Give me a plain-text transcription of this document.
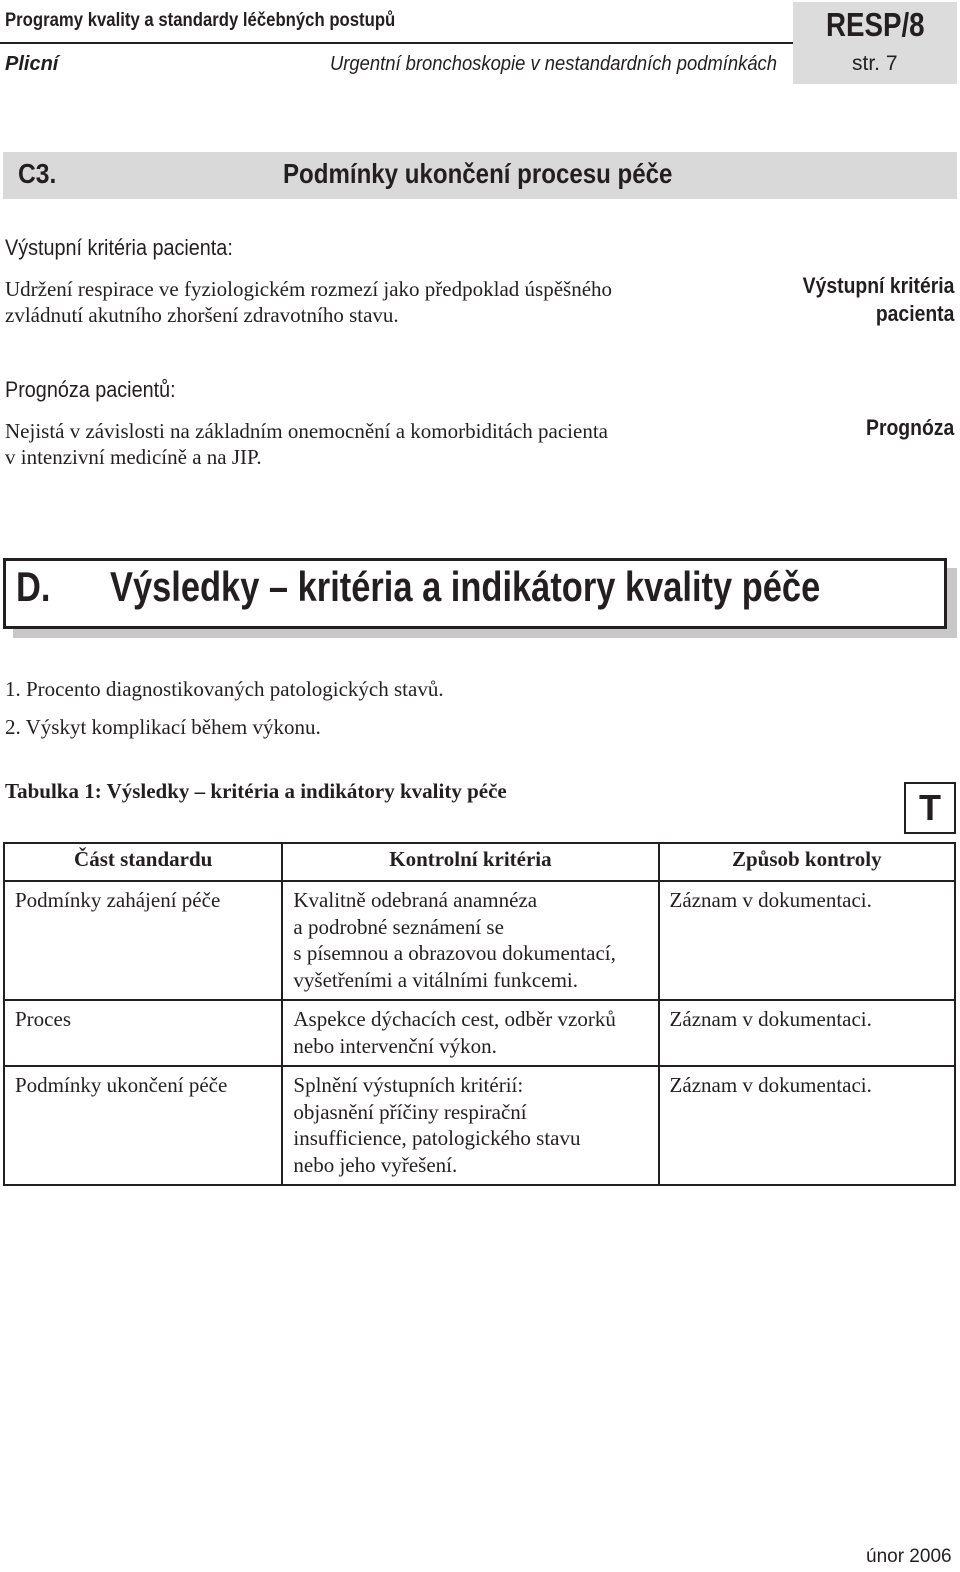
Programy kvality a standardy léčebných postupů
Plicní	Urgentní bronchoskopie v nestandardních podmínkách
RESP/8
str. 7
C3.	Podmínky ukončení procesu péče
Výstupní kritéria pacienta:
Udržení respirace ve fyziologickém rozmezí jako předpoklad úspěšného
zvládnutí akutního zhoršení zdravotního stavu.
Výstupní kritéria
pacienta
Prognóza pacientů:
Nejistá v závislosti na základním onemocnění a komorbiditách pacienta
v intenzivní medicíně a na JIP.
Prognóza
D. Výsledky – kritéria a indikátory kvality péče
1. Procento diagnostikovaných patologických stavů.
2. Výskyt komplikací během výkonu.
Tabulka 1: Výsledky – kritéria a indikátory kvality péče	T
Část standardu	Kontrolní kritéria	Způsob kontroly
Podmínky zahájení péče	Kvalitně odebraná anamnéza
a podrobné seznámení se
s písemnou a obrazovou dokumentací,
vyšetřeními a vitálními funkcemi.	Záznam v dokumentaci.
Proces	Aspekce dýchacích cest, odběr vzorků
nebo intervenční výkon.	Záznam v dokumentaci.
Podmínky ukončení péče	Splnění výstupních kritérií:
objasnění příčiny respirační
insufficience, patologického stavu
nebo jeho vyřešení.	Záznam v dokumentaci.
únor 2006
